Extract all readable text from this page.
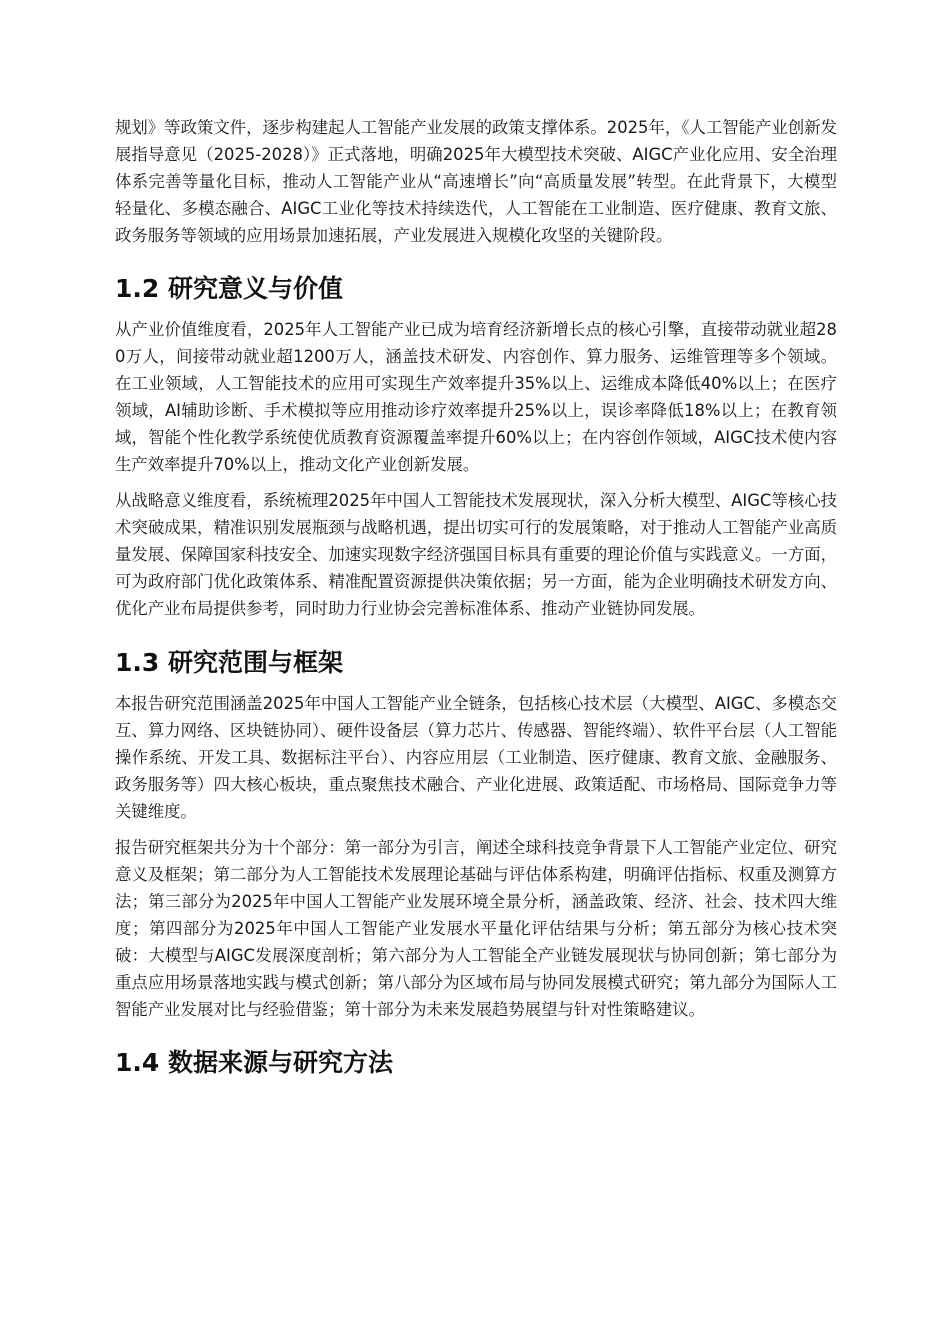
规划》等政策文件，逐步构建起人工智能产业发展的政策支撑体系。2025年，《人工智能产业创新发展指导意见（2025-2028）》正式落地，明确2025年大模型技术突破、AIGC产业化应用、安全治理体系完善等量化目标，推动人工智能产业从“高速增长”向“高质量发展”转型。在此背景下，大模型轻量化、多模态融合、AIGC工业化等技术持续迭代，人工智能在工业制造、医疗健康、教育文旅、政务服务等领域的应用场景加速拓展，产业发展进入规模化攻坚的关键阶段。

1.2 研究意义与价值

从产业价值维度看，2025年人工智能产业已成为培育经济新增长点的核心引擎，直接带动就业超280万人，间接带动就业超1200万人，涵盖技术研发、内容创作、算力服务、运维管理等多个领域。在工业领域，人工智能技术的应用可实现生产效率提升35%以上、运维成本降低40%以上；在医疗领域，AI辅助诊断、手术模拟等应用推动诊疗效率提升25%以上，误诊率降低18%以上；在教育领域，智能个性化教学系统使优质教育资源覆盖率提升60%以上；在内容创作领域，AIGC技术使内容生产效率提升70%以上，推动文化产业创新发展。

从战略意义维度看，系统梳理2025年中国人工智能技术发展现状，深入分析大模型、AIGC等核心技术突破成果，精准识别发展瓶颈与战略机遇，提出切实可行的发展策略，对于推动人工智能产业高质量发展、保障国家科技安全、加速实现数字经济强国目标具有重要的理论价值与实践意义。一方面，可为政府部门优化政策体系、精准配置资源提供决策依据；另一方面，能为企业明确技术研发方向、优化产业布局提供参考，同时助力行业协会完善标准体系、推动产业链协同发展。

1.3 研究范围与框架

本报告研究范围涵盖2025年中国人工智能产业全链条，包括核心技术层（大模型、AIGC、多模态交互、算力网络、区块链协同）、硬件设备层（算力芯片、传感器、智能终端）、软件平台层（人工智能操作系统、开发工具、数据标注平台）、内容应用层（工业制造、医疗健康、教育文旅、金融服务、政务服务等）四大核心板块，重点聚焦技术融合、产业化进展、政策适配、市场格局、国际竞争力等关键维度。

报告研究框架共分为十个部分：第一部分为引言，阐述全球科技竞争背景下人工智能产业定位、研究意义及框架；第二部分为人工智能技术发展理论基础与评估体系构建，明确评估指标、权重及测算方法；第三部分为2025年中国人工智能产业发展环境全景分析，涵盖政策、经济、社会、技术四大维度；第四部分为2025年中国人工智能产业发展水平量化评估结果与分析；第五部分为核心技术突破：大模型与AIGC发展深度剖析；第六部分为人工智能全产业链发展现状与协同创新；第七部分为重点应用场景落地实践与模式创新；第八部分为区域布局与协同发展模式研究；第九部分为国际人工智能产业发展对比与经验借鉴；第十部分为未来发展趋势展望与针对性策略建议。

1.4 数据来源与研究方法
